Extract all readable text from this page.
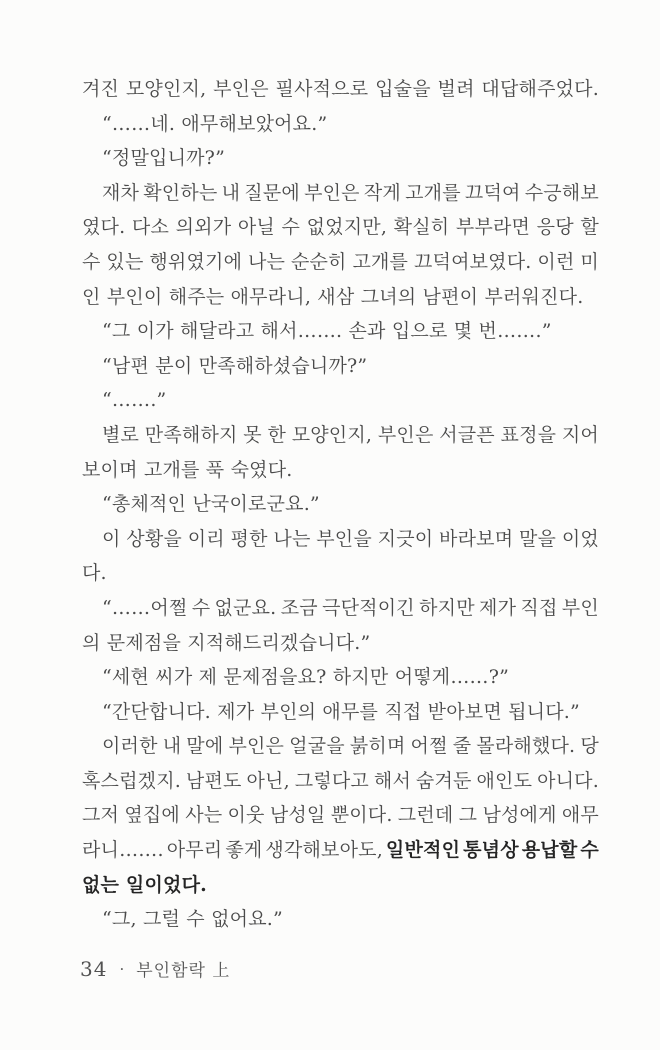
겨진 모양인지, 부인은 필사적으로 입술을 벌려 대답해주었다.
“……네. 애무해보았어요.”
“정말입니까?”
재차 확인하는 내 질문에 부인은 작게 고개를 끄덕여 수긍해보
였다. 다소 의외가 아닐 수 없었지만, 확실히 부부라면 응당 할
수 있는 행위였기에 나는 순순히 고개를 끄덕여보였다. 이런 미
인 부인이 해주는 애무라니, 새삼 그녀의 남편이 부러워진다.
“그 이가 해달라고 해서……. 손과 입으로 몇 번…….”
“남편 분이 만족해하셨습니까?”
“…….”
별로 만족해하지 못 한 모양인지, 부인은 서글픈 표정을 지어
보이며 고개를 푹 숙였다.
“총체적인 난국이로군요.”
이 상황을 이리 평한 나는 부인을 지긋이 바라보며 말을 이었
다.
“……어쩔 수 없군요. 조금 극단적이긴 하지만 제가 직접 부인
의 문제점을 지적해드리겠습니다.”
“세현 씨가 제 문제점을요? 하지만 어떻게……?”
“간단합니다. 제가 부인의 애무를 직접 받아보면 됩니다.”
이러한 내 말에 부인은 얼굴을 붉히며 어쩔 줄 몰라해했다. 당
혹스럽겠지. 남편도 아닌, 그렇다고 해서 숨겨둔 애인도 아니다.
그저 옆집에 사는 이웃 남성일 뿐이다. 그런데 그 남성에게 애무
라니……. 아무리 좋게 생각해보아도, 일반적인 통념상 용납할 수
없는 일이었다.
“그, 그럴 수 없어요.”
34 · 부인함락 上
